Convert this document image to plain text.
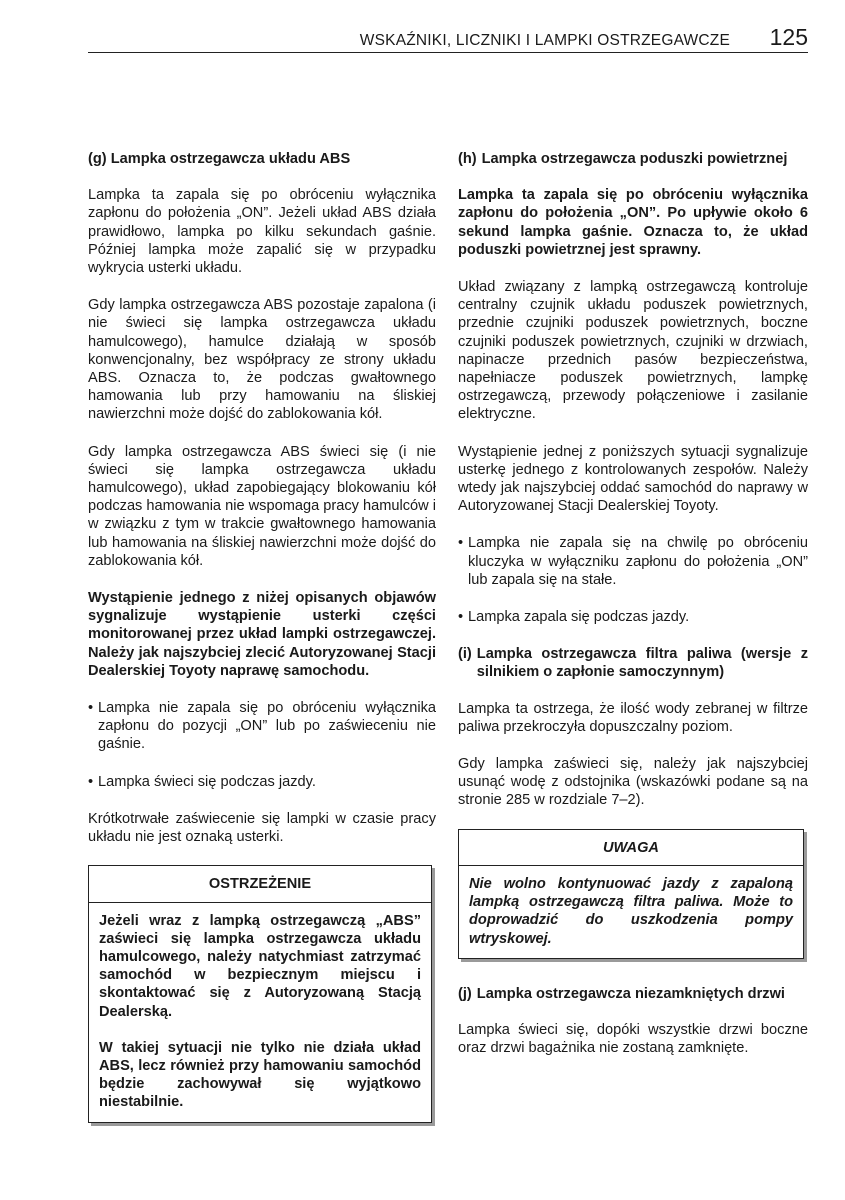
WSKAŹNIKI, LICZNIKI I LAMPKI OSTRZEGAWCZE 125

(g) Lampka ostrzegawcza układu ABS

Lampka ta zapala się po obróceniu wyłącznika zapłonu do położenia „ON”. Jeżeli układ ABS działa prawidłowo, lampka po kilku sekundach gaśnie. Później lampka może zapalić się w przypadku wykrycia usterki układu.

Gdy lampka ostrzegawcza ABS pozostaje zapalona (i nie świeci się lampka ostrzegawcza układu hamulcowego), hamulce działają w sposób konwencjonalny, bez współpracy ze strony układu ABS. Oznacza to, że podczas gwałtownego hamowania lub przy hamowaniu na śliskiej nawierzchni może dojść do zablokowania kół.

Gdy lampka ostrzegawcza ABS świeci się (i nie świeci się lampka ostrzegawcza układu hamulcowego), układ zapobiegający blokowaniu kół podczas hamowania nie wspomaga pracy hamulców i w związku z tym w trakcie gwałtownego hamowania lub hamowania na śliskiej nawierzchni może dojść do zablokowania kół.

Wystąpienie jednego z niżej opisanych objawów sygnalizuje wystąpienie usterki części monitorowanej przez układ lampki ostrzegawczej. Należy jak najszybciej zlecić Autoryzowanej Stacji Dealerskiej Toyoty naprawę samochodu.

• Lampka nie zapala się po obróceniu wyłącznika zapłonu do pozycji „ON” lub po zaświeceniu nie gaśnie.
• Lampka świeci się podczas jazdy.

Krótkotrwałe zaświecenie się lampki w czasie pracy układu nie jest oznaką usterki.

OSTRZEŻENIE

Jeżeli wraz z lampką ostrzegawczą „ABS” zaświeci się lampka ostrzegawcza układu hamulcowego, należy natychmiast zatrzymać samochód w bezpiecznym miejscu i skontaktować się z Autoryzowaną Stacją Dealerską.

W takiej sytuacji nie tylko nie działa układ ABS, lecz również przy hamowaniu samochód będzie zachowywał się wyjątkowo niestabilnie.

(h) Lampka ostrzegawcza poduszki powietrznej

Lampka ta zapala się po obróceniu wyłącznika zapłonu do położenia „ON”. Po upływie około 6 sekund lampka gaśnie. Oznacza to, że układ poduszki powietrznej jest sprawny.

Układ związany z lampką ostrzegawczą kontroluje centralny czujnik układu poduszek powietrznych, przednie czujniki poduszek powietrznych, boczne czujniki poduszek powietrznych, czujniki w drzwiach, napinacze przednich pasów bezpieczeństwa, napełniacze poduszek powietrznych, lampkę ostrzegawczą, przewody połączeniowe i zasilanie elektryczne.

Wystąpienie jednej z poniższych sytuacji sygnalizuje usterkę jednego z kontrolowanych zespołów. Należy wtedy jak najszybciej oddać samochód do naprawy w Autoryzowanej Stacji Dealerskiej Toyoty.

• Lampka nie zapala się na chwilę po obróceniu kluczyka w wyłączniku zapłonu do położenia „ON” lub zapala się na stałe.
• Lampka zapala się podczas jazdy.
(i) Lampka ostrzegawcza filtra paliwa (wersje z silnikiem o zapłonie samoczynnym)

Lampka ta ostrzega, że ilość wody zebranej w filtrze paliwa przekroczyła dopuszczalny poziom.

Gdy lampka zaświeci się, należy jak najszybciej usunąć wodę z odstojnika (wskazówki podane są na stronie 285 w rozdziale 7–2).

UWAGA

Nie wolno kontynuować jazdy z zapaloną lampką ostrzegawczą filtra paliwa. Może to doprowadzić do uszkodzenia pompy wtryskowej.

(j) Lampka ostrzegawcza niezamkniętych drzwi

Lampka świeci się, dopóki wszystkie drzwi boczne oraz drzwi bagażnika nie zostaną zamknięte.
